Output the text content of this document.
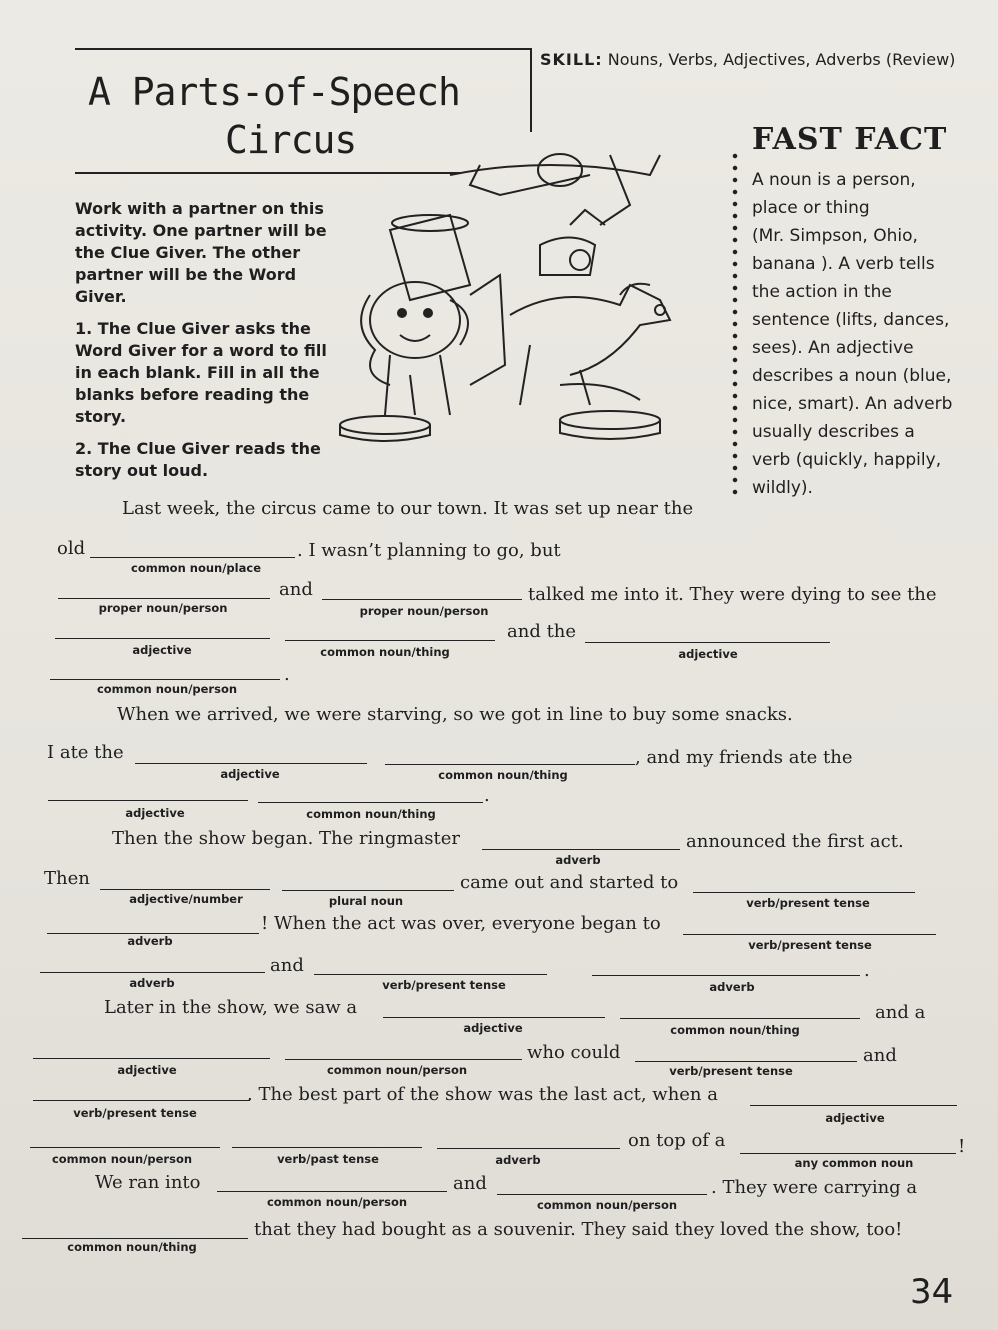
SKILL: Nouns, Verbs, Adjectives, Adverbs (Review)
A Parts-of-Speech
Circus

Work with a partner on this activity. One partner will be the Clue Giver. The other partner will be the Word Giver.

1. The Clue Giver asks the Word Giver for a word to fill in each blank. Fill in all the blanks before reading the story.

2. The Clue Giver reads the story out loud.

FAST FACT
A noun is a person,
place or thing
(Mr. Simpson, Ohio,
banana ). A verb tells
the action in the
sentence (lifts, dances,
sees). An adjective
describes a noun (blue,
nice, smart). An adverb
usually describes a
verb (quickly, happily,
wildly).
Last week, the circus came to our town. It was set up near the
old
common noun/place
. I wasn’t planning to go, but
proper noun/person
and
proper noun/person
talked me into it. They were dying to see the
adjective	common noun/thing
and the
adjective
.
common noun/person
When we arrived, we were starving, so we got in line to buy some snacks.
I ate the
adjective	common noun/thing
, and my friends ate the
adjective	common noun/thing
.
Then the show began. The ringmaster
adverb
announced the first act.
Then
adjective/number	plural noun
came out and started to
verb/present tense
adverb
! When the act was over, everyone began to
verb/present tense
adverb
and
verb/present tense	adverb
.
Later in the show, we saw a
adjective	common noun/thing
and a
adjective	common noun/person
who could
verb/present tense
and
verb/present tense
. The best part of the show was the last act, when a
adjective
common noun/person	verb/past tense	adverb
on top of a
any common noun
!
We ran into
common noun/person
and
common noun/person
. They were carrying a
common noun/thing
that they had bought as a souvenir. They said they loved the show, too!
34
